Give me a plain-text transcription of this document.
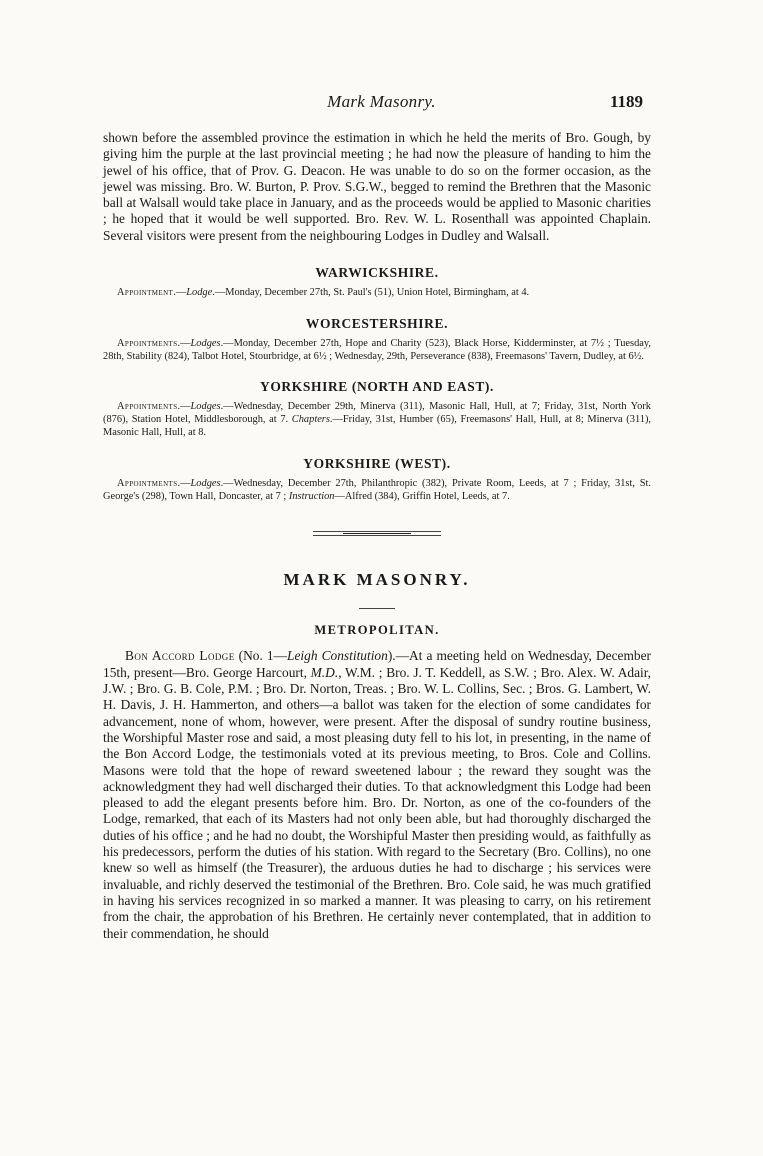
Mark Masonry.	1189

shown before the assembled province the estimation in which he held the merits of Bro. Gough, by giving him the purple at the last provincial meeting ; he had now the pleasure of handing to him the jewel of his office, that of Prov. G. Deacon. He was unable to do so on the former occasion, as the jewel was missing. Bro. W. Burton, P. Prov. S.G.W., begged to remind the Brethren that the Masonic ball at Walsall would take place in January, and as the proceeds would be applied to Masonic charities ; he hoped that it would be well supported. Bro. Rev. W. L. Rosenthall was appointed Chaplain. Several visitors were present from the neighbouring Lodges in Dudley and Walsall.

WARWICKSHIRE.

Appointment.—Lodge.—Monday, December 27th, St. Paul's (51), Union Hotel, Birmingham, at 4.

WORCESTERSHIRE.

Appointments.—Lodges.—Monday, December 27th, Hope and Charity (523), Black Horse, Kidderminster, at 7½ ; Tuesday, 28th, Stability (824), Talbot Hotel, Stourbridge, at 6½ ; Wednesday, 29th, Perseverance (838), Freemasons' Tavern, Dudley, at 6½.

YORKSHIRE (NORTH AND EAST).

Appointments.—Lodges.—Wednesday, December 29th, Minerva (311), Masonic Hall, Hull, at 7; Friday, 31st, North York (876), Station Hotel, Middlesborough, at 7. Chapters.—Friday, 31st, Humber (65), Freemasons' Hall, Hull, at 8; Minerva (311), Masonic Hall, Hull, at 8.

YORKSHIRE (WEST).

Appointments.—Lodges.—Wednesday, December 27th, Philanthropic (382), Private Room, Leeds, at 7 ; Friday, 31st, St. George's (298), Town Hall, Doncaster, at 7 ; Instruction—Alfred (384), Griffin Hotel, Leeds, at 7.

MARK MASONRY.
METROPOLITAN.

Bon Accord Lodge (No. 1—Leigh Constitution).—At a meeting held on Wednesday, December 15th, present—Bro. George Harcourt, M.D., W.M. ; Bro. J. T. Keddell, as S.W. ; Bro. Alex. W. Adair, J.W. ; Bro. G. B. Cole, P.M. ; Bro. Dr. Norton, Treas. ; Bro. W. L. Collins, Sec. ; Bros. G. Lambert, W. H. Davis, J. H. Hammerton, and others—a ballot was taken for the election of some candidates for advancement, none of whom, however, were present. After the disposal of sundry routine business, the Worshipful Master rose and said, a most pleasing duty fell to his lot, in presenting, in the name of the Bon Accord Lodge, the testimonials voted at its previous meeting, to Bros. Cole and Collins. Masons were told that the hope of reward sweetened labour ; the reward they sought was the acknowledgment they had well discharged their duties. To that acknowledgment this Lodge had been pleased to add the elegant presents before him. Bro. Dr. Norton, as one of the co-founders of the Lodge, remarked, that each of its Masters had not only been able, but had thoroughly discharged the duties of his office ; and he had no doubt, the Worshipful Master then presiding would, as faithfully as his predecessors, perform the duties of his station. With regard to the Secretary (Bro. Collins), no one knew so well as himself (the Treasurer), the arduous duties he had to discharge ; his services were invaluable, and richly deserved the testimonial of the Brethren. Bro. Cole said, he was much gratified in having his services recognized in so marked a manner. It was pleasing to carry, on his retirement from the chair, the approbation of his Brethren. He certainly never contemplated, that in addition to their commendation, he should
